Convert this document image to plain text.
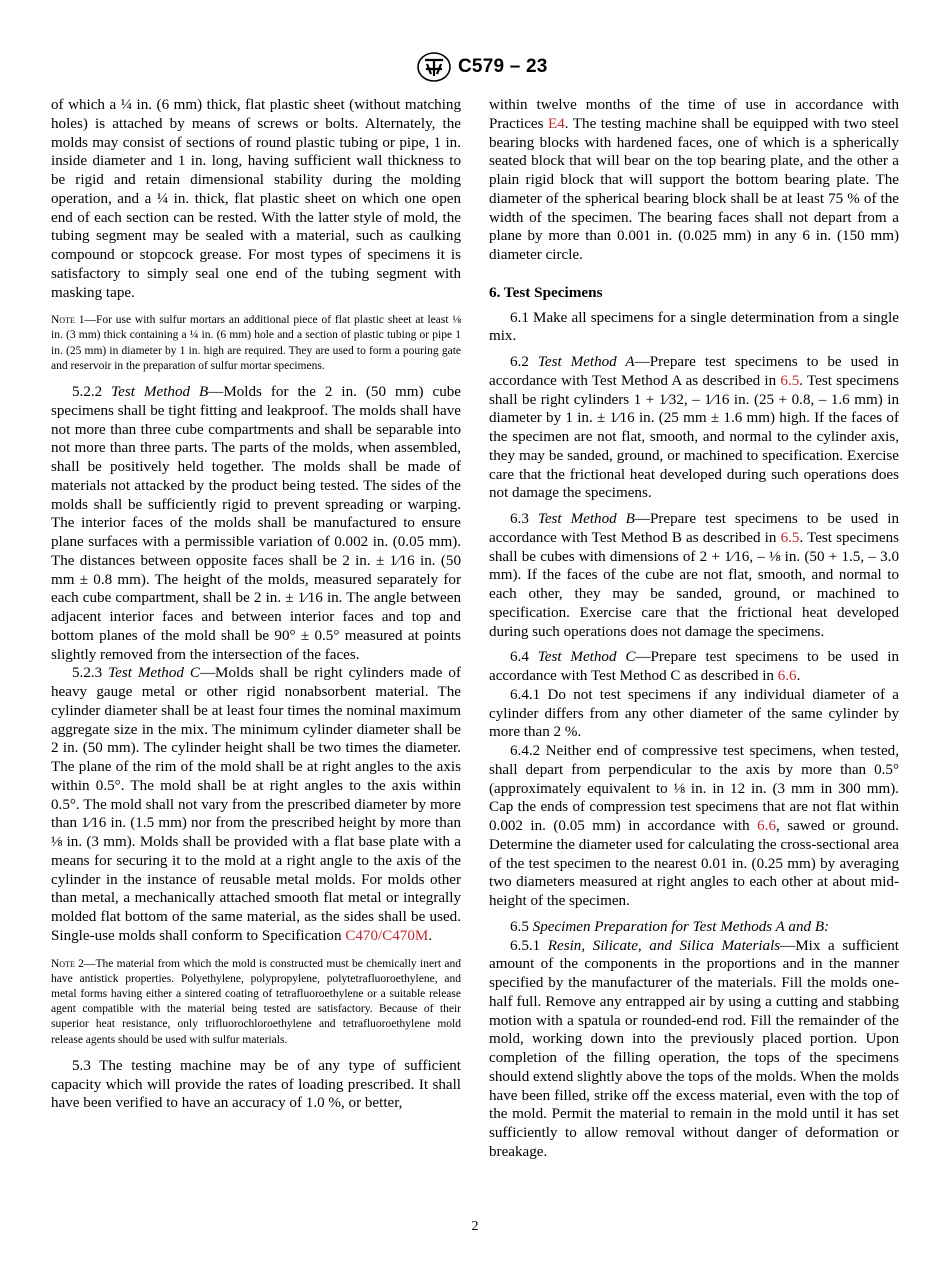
C579 – 23

of which a ¼ in. (6 mm) thick, flat plastic sheet (without matching holes) is attached by means of screws or bolts. Alternately, the molds may consist of sections of round plastic tubing or pipe, 1 in. inside diameter and 1 in. long, having sufficient wall thickness to be rigid and retain dimensional stability during the molding operation, and a ¼ in. thick, flat plastic sheet on which one open end of each section can be rested. With the latter style of mold, the tubing segment may be sealed with a material, such as caulking compound or stopcock grease. For most types of specimens it is satisfactory to simply seal one end of the tubing segment with masking tape.

Note 1—For use with sulfur mortars an additional piece of flat plastic sheet at least ⅛ in. (3 mm) thick containing a ¼ in. (6 mm) hole and a section of plastic tubing or pipe 1 in. (25 mm) in diameter by 1 in. high are required. They are used to form a pouring gate and reservoir in the preparation of sulfur mortar specimens.

5.2.2 Test Method B—Molds for the 2 in. (50 mm) cube specimens shall be tight fitting and leakproof. The molds shall have not more than three cube compartments and shall be separable into not more than three parts. The parts of the molds, when assembled, shall be positively held together. The molds shall be made of materials not attacked by the product being tested. The sides of the molds shall be sufficiently rigid to prevent spreading or warping. The interior faces of the molds shall be manufactured to ensure plane surfaces with a permissible variation of 0.002 in. (0.05 mm). The distances between opposite faces shall be 2 in. ± 1⁄16 in. (50 mm ± 0.8 mm). The height of the molds, measured separately for each cube compartment, shall be 2 in. ± 1⁄16 in. The angle between adjacent interior faces and between interior faces and top and bottom planes of the mold shall be 90° ± 0.5° measured at points slightly removed from the intersection of the faces.

5.2.3 Test Method C—Molds shall be right cylinders made of heavy gauge metal or other rigid nonabsorbent material. The cylinder diameter shall be at least four times the nominal maximum aggregate size in the mix. The minimum cylinder diameter shall be 2 in. (50 mm). The cylinder height shall be two times the diameter. The plane of the rim of the mold shall be at right angles to the axis within 0.5°. The mold shall be at right angles to the axis within 0.5°. The mold shall not vary from the prescribed diameter by more than 1⁄16 in. (1.5 mm) nor from the prescribed height by more than ⅛ in. (3 mm). Molds shall be provided with a flat base plate with a means for securing it to the mold at a right angle to the axis of the cylinder in the instance of reusable metal molds. For molds other than metal, a mechanically attached smooth flat metal or integrally molded flat bottom of the same material, as the sides shall be used. Single-use molds shall conform to Specification C470/C470M.

Note 2—The material from which the mold is constructed must be chemically inert and have antistick properties. Polyethylene, polypropylene, polytetrafluoroethylene, and metal forms having either a sintered coating of tetrafluoroethylene or a suitable release agent compatible with the material being tested are satisfactory. Because of their superior heat resistance, only trifluorochloroethylene and tetrafluoroethylene mold release agents should be used with sulfur materials.

5.3 The testing machine may be of any type of sufficient capacity which will provide the rates of loading prescribed. It shall have been verified to have an accuracy of 1.0 %, or better,

within twelve months of the time of use in accordance with Practices E4. The testing machine shall be equipped with two steel bearing blocks with hardened faces, one of which is a spherically seated block that will bear on the top bearing plate, and the other a plain rigid block that will support the bottom bearing plate. The diameter of the spherical bearing block shall be at least 75 % of the width of the specimen. The bearing faces shall not depart from a plane by more than 0.001 in. (0.025 mm) in any 6 in. (150 mm) diameter circle.

6. Test Specimens

6.1 Make all specimens for a single determination from a single mix.

6.2 Test Method A—Prepare test specimens to be used in accordance with Test Method A as described in 6.5. Test specimens shall be right cylinders 1 + 1⁄32, – 1⁄16 in. (25 + 0.8, – 1.6 mm) in diameter by 1 in. ± 1⁄16 in. (25 mm ± 1.6 mm) high. If the faces of the specimen are not flat, smooth, and normal to the cylinder axis, they may be sanded, ground, or machined to specification. Exercise care that the frictional heat developed during such operations does not damage the specimens.

6.3 Test Method B—Prepare test specimens to be used in accordance with Test Method B as described in 6.5. Test specimens shall be cubes with dimensions of 2 + 1⁄16, – ⅛ in. (50 + 1.5, – 3.0 mm). If the faces of the cube are not flat, smooth, and normal to each other, they may be sanded, ground, or machined to specification. Exercise care that the frictional heat developed during such operations does not damage the specimens.

6.4 Test Method C—Prepare test specimens to be used in accordance with Test Method C as described in 6.6.

6.4.1 Do not test specimens if any individual diameter of a cylinder differs from any other diameter of the same cylinder by more than 2 %.

6.4.2 Neither end of compressive test specimens, when tested, shall depart from perpendicular to the axis by more than 0.5° (approximately equivalent to ⅛ in. in 12 in. (3 mm in 300 mm). Cap the ends of compression test specimens that are not flat within 0.002 in. (0.05 mm) in accordance with 6.6, sawed or ground. Determine the diameter used for calculating the cross-sectional area of the test specimen to the nearest 0.01 in. (0.25 mm) by averaging two diameters measured at right angles to each other at about mid-height of the specimen.

6.5 Specimen Preparation for Test Methods A and B:

6.5.1 Resin, Silicate, and Silica Materials—Mix a sufficient amount of the components in the proportions and in the manner specified by the manufacturer of the materials. Fill the molds one-half full. Remove any entrapped air by using a cutting and stabbing motion with a spatula or rounded-end rod. Fill the remainder of the mold, working down into the previously placed portion. Upon completion of the filling operation, the tops of the specimens should extend slightly above the tops of the molds. When the molds have been filled, strike off the excess material, even with the top of the mold. Permit the material to remain in the mold until it has set sufficiently to allow removal without danger of deformation or breakage.

2
